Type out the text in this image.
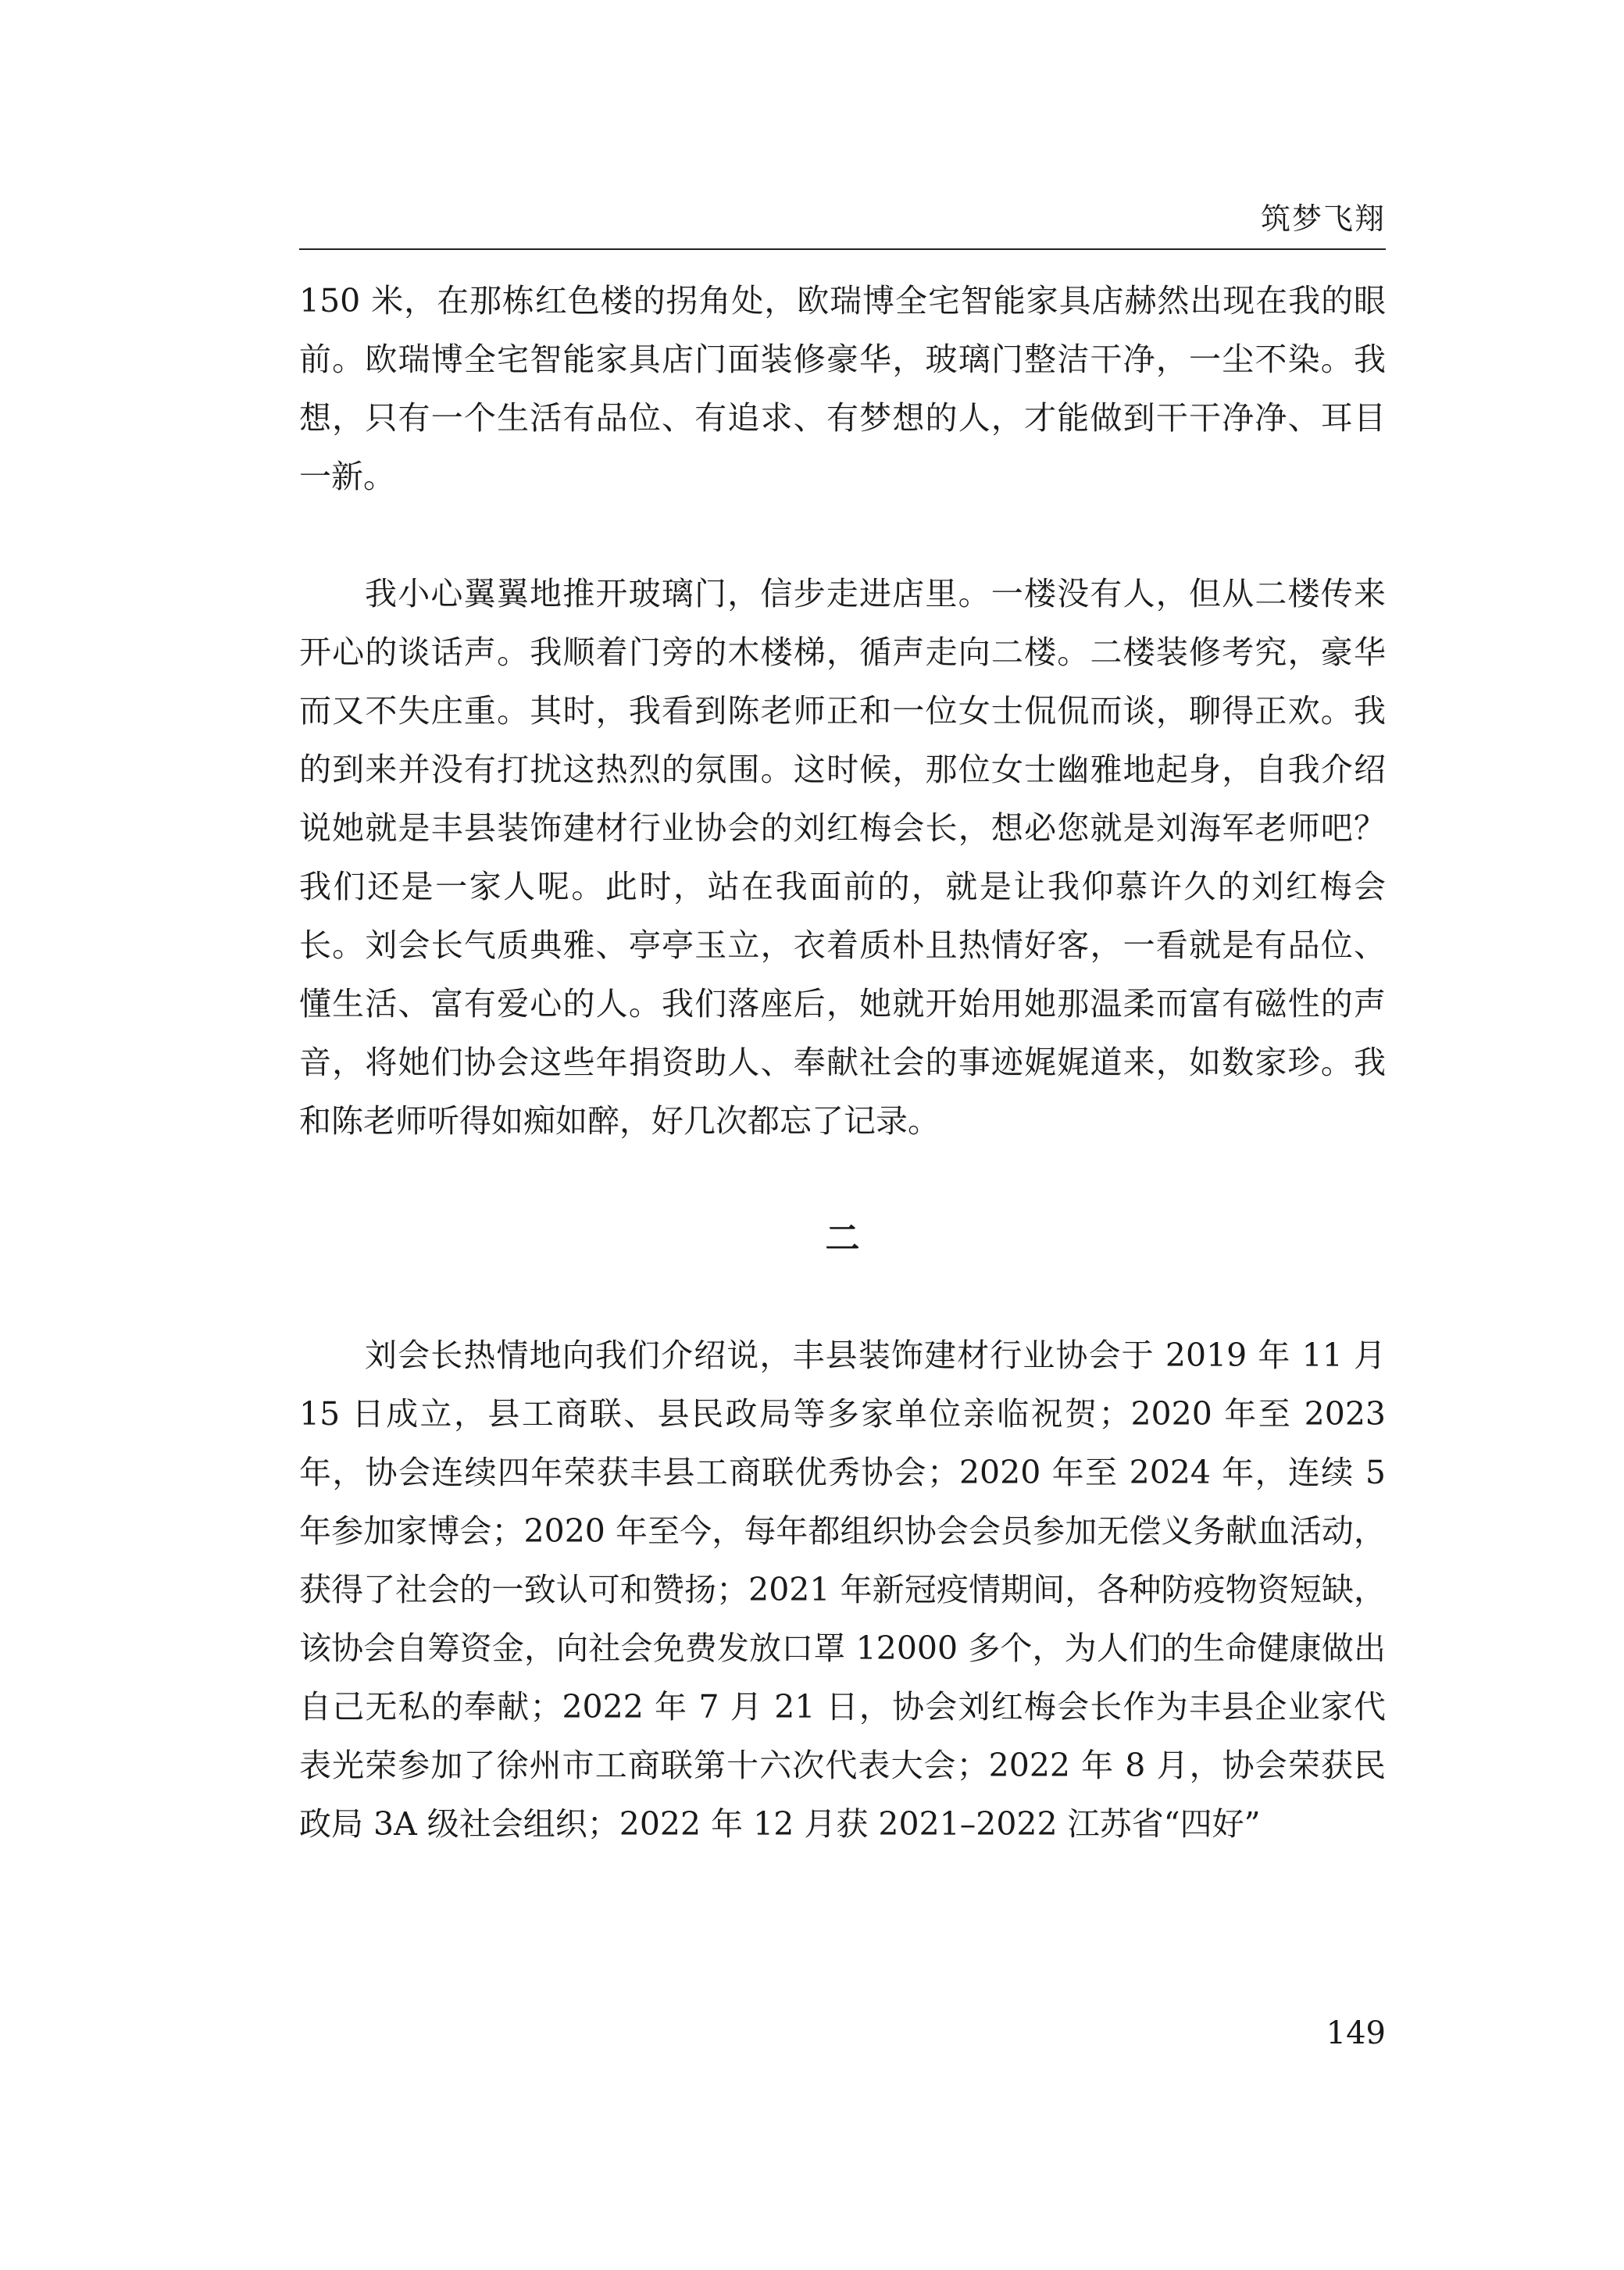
筑梦飞翔

150 米，在那栋红色楼的拐角处，欧瑞博全宅智能家具店赫然出现在我的眼前。欧瑞博全宅智能家具店门面装修豪华，玻璃门整洁干净，一尘不染。我想，只有一个生活有品位、有追求、有梦想的人，才能做到干干净净、耳目一新。

我小心翼翼地推开玻璃门，信步走进店里。一楼没有人，但从二楼传来开心的谈话声。我顺着门旁的木楼梯，循声走向二楼。二楼装修考究，豪华而又不失庄重。其时，我看到陈老师正和一位女士侃侃而谈，聊得正欢。我的到来并没有打扰这热烈的氛围。这时候，那位女士幽雅地起身，自我介绍说她就是丰县装饰建材行业协会的刘红梅会长，想必您就是刘海军老师吧？我们还是一家人呢。此时，站在我面前的，就是让我仰慕许久的刘红梅会长。刘会长气质典雅、亭亭玉立，衣着质朴且热情好客，一看就是有品位、懂生活、富有爱心的人。我们落座后，她就开始用她那温柔而富有磁性的声音，将她们协会这些年捐资助人、奉献社会的事迹娓娓道来，如数家珍。我和陈老师听得如痴如醉，好几次都忘了记录。

二

刘会长热情地向我们介绍说，丰县装饰建材行业协会于 2019 年 11 月 15 日成立，县工商联、县民政局等多家单位亲临祝贺；2020 年至 2023 年，协会连续四年荣获丰县工商联优秀协会；2020 年至 2024 年，连续 5 年参加家博会；2020 年至今，每年都组织协会会员参加无偿义务献血活动，获得了社会的一致认可和赞扬；2021 年新冠疫情期间，各种防疫物资短缺，该协会自筹资金，向社会免费发放口罩 12000 多个，为人们的生命健康做出自己无私的奉献；2022 年 7 月 21 日，协会刘红梅会长作为丰县企业家代表光荣参加了徐州市工商联第十六次代表大会；2022 年 8 月，协会荣获民政局 3A 级社会组织；2022 年 12 月获 2021–2022 江苏省“四好”

149
